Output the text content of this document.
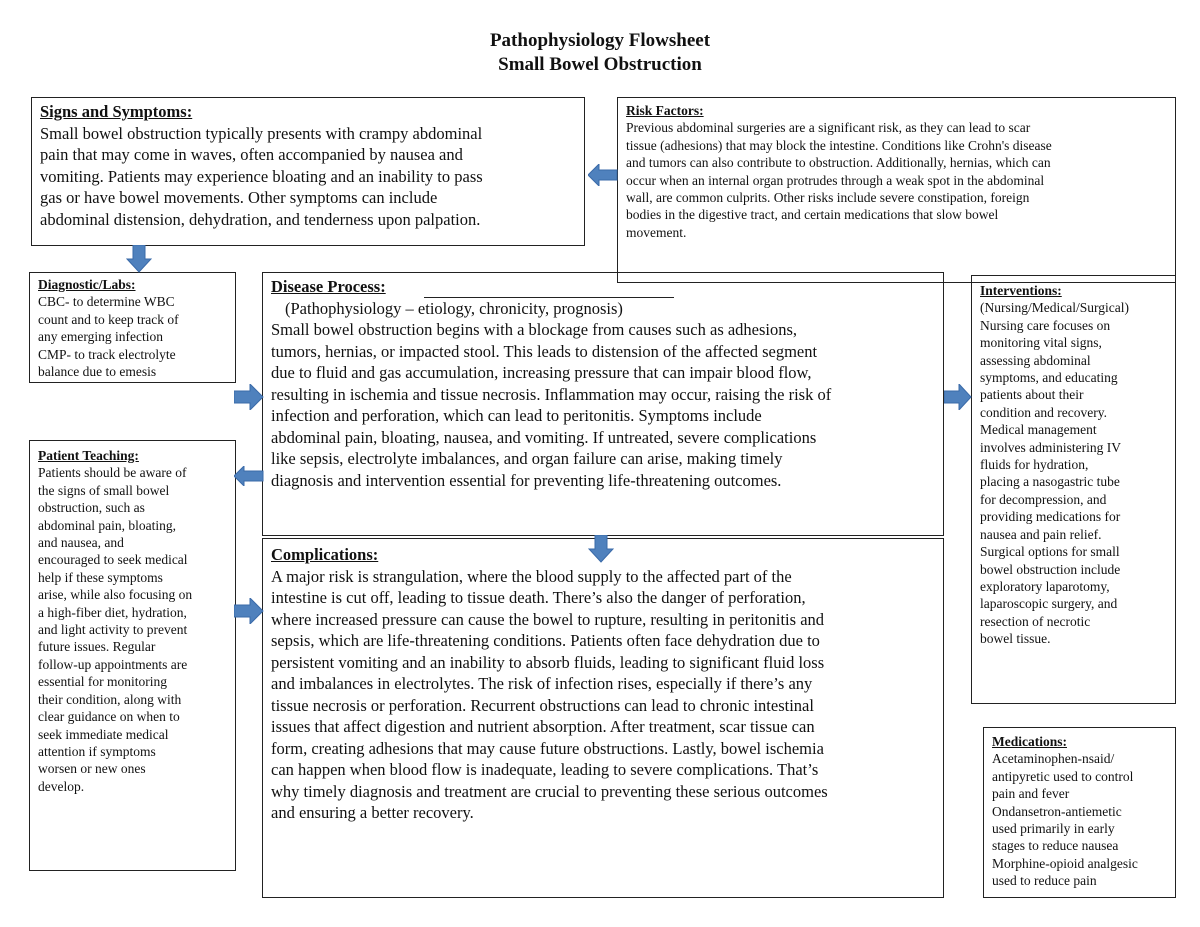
Pathophysiology Flowsheet
Small Bowel Obstruction
Signs and Symptoms:
Small bowel obstruction typically presents with crampy abdominal
pain that may come in waves, often accompanied by nausea and
vomiting. Patients may experience bloating and an inability to pass
gas or have bowel movements. Other symptoms can include
abdominal distension, dehydration, and tenderness upon palpation.
Risk Factors:
Previous abdominal surgeries are a significant risk, as they can lead to scar
tissue (adhesions) that may block the intestine. Conditions like Crohn's disease
and tumors can also contribute to obstruction. Additionally, hernias, which can
occur when an internal organ protrudes through a weak spot in the abdominal
wall, are common culprits. Other risks include severe constipation, foreign
bodies in the digestive tract, and certain medications that slow bowel
movement.
Diagnostic/Labs:
CBC- to determine WBC
count and to keep track of
any emerging infection
CMP- to track electrolyte
balance due to emesis
Disease Process:
(Pathophysiology – etiology, chronicity, prognosis)
Small bowel obstruction begins with a blockage from causes such as adhesions,
tumors, hernias, or impacted stool. This leads to distension of the affected segment
due to fluid and gas accumulation, increasing pressure that can impair blood flow,
resulting in ischemia and tissue necrosis. Inflammation may occur, raising the risk of
infection and perforation, which can lead to peritonitis. Symptoms include
abdominal pain, bloating, nausea, and vomiting. If untreated, severe complications
like sepsis, electrolyte imbalances, and organ failure can arise, making timely
diagnosis and intervention essential for preventing life-threatening outcomes.
Interventions:
(Nursing/Medical/Surgical)
Nursing care focuses on
monitoring vital signs,
assessing abdominal
symptoms, and educating
patients about their
condition and recovery.
Medical management
involves administering IV
fluids for hydration,
placing a nasogastric tube
for decompression, and
providing medications for
nausea and pain relief.
Surgical options for small
bowel obstruction include
exploratory laparotomy,
laparoscopic surgery, and
resection of necrotic
bowel tissue.
Patient Teaching:
Patients should be aware of
the signs of small bowel
obstruction, such as
abdominal pain, bloating,
and nausea, and
encouraged to seek medical
help if these symptoms
arise, while also focusing on
a high-fiber diet, hydration,
and light activity to prevent
future issues. Regular
follow-up appointments are
essential for monitoring
their condition, along with
clear guidance on when to
seek immediate medical
attention if symptoms
worsen or new ones
develop.
Complications:
A major risk is strangulation, where the blood supply to the affected part of the
intestine is cut off, leading to tissue death. There’s also the danger of perforation,
where increased pressure can cause the bowel to rupture, resulting in peritonitis and
sepsis, which are life-threatening conditions. Patients often face dehydration due to
persistent vomiting and an inability to absorb fluids, leading to significant fluid loss
and imbalances in electrolytes. The risk of infection rises, especially if there’s any
tissue necrosis or perforation. Recurrent obstructions can lead to chronic intestinal
issues that affect digestion and nutrient absorption. After treatment, scar tissue can
form, creating adhesions that may cause future obstructions. Lastly, bowel ischemia
can happen when blood flow is inadequate, leading to severe complications. That’s
why timely diagnosis and treatment are crucial to preventing these serious outcomes
and ensuring a better recovery.
Medications:
Acetaminophen-nsaid/
antipyretic used to control
pain and fever
Ondansetron-antiemetic
used primarily in early
stages to reduce nausea
Morphine-opioid analgesic
used to reduce pain
